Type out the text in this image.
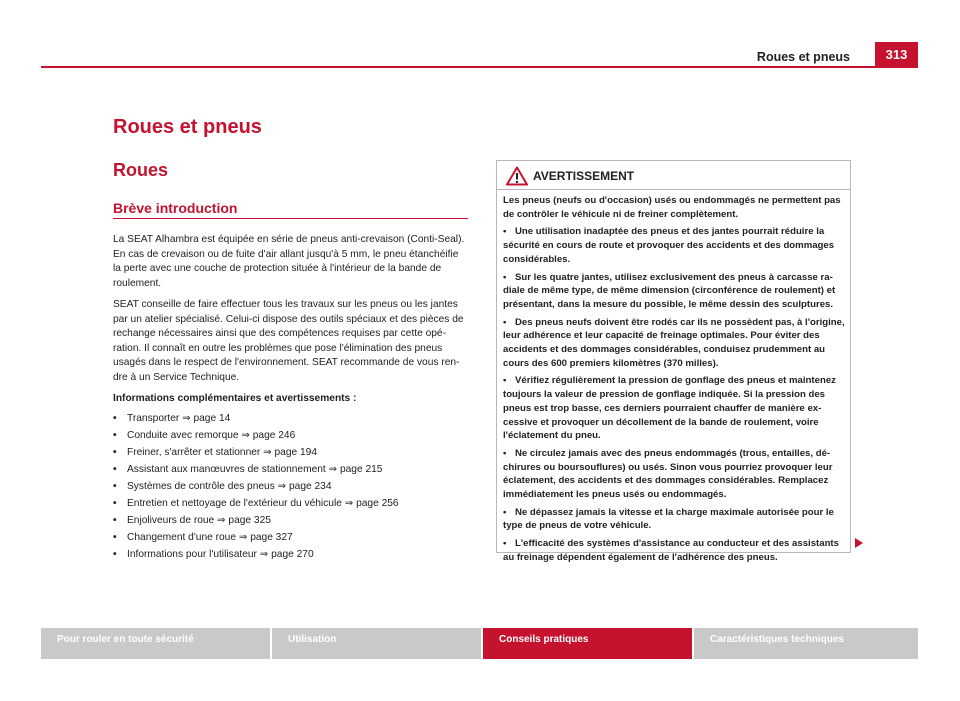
Roues et pneus	313
Roues et pneus
Roues
Brève introduction

La SEAT Alhambra est équipée en série de pneus anti-crevaison (Conti-Seal). En cas de crevaison ou de fuite d'air allant jusqu'à 5 mm, le pneu étanchéifie la perte avec une couche de protection située à l'intérieur de la bande de roulement.

SEAT conseille de faire effectuer tous les travaux sur les pneus ou les jantes par un atelier spécialisé. Celui-ci dispose des outils spéciaux et des pièces de rechange nécessaires ainsi que des compétences requises par cette opération. Il connaît en outre les problèmes que pose l'élimination des pneus usagés dans le respect de l'environnement. SEAT recommande de vous rendre à un Service Technique.

Informations complémentaires et avertissements :

•	Transporter ⇒ page 14
•	Conduite avec remorque ⇒ page 246
•	Freiner, s'arrêter et stationner ⇒ page 194
•	Assistant aux manœuvres de stationnement ⇒ page 215
•	Systèmes de contrôle des pneus ⇒ page 234
•	Entretien et nettoyage de l'extérieur du véhicule ⇒ page 256
•	Enjoliveurs de roue ⇒ page 325
•	Changement d'une roue ⇒ page 327
•	Informations pour l'utilisateur ⇒ page 270
AVERTISSEMENT

Les pneus (neufs ou d'occasion) usés ou endommagés ne permettent pas de contrôler le véhicule ni de freiner complètement.

• Une utilisation inadaptée des pneus et des jantes pourrait réduire la sécurité en cours de route et provoquer des accidents et des dommages considérables.

• Sur les quatre jantes, utilisez exclusivement des pneus à carcasse radiale de même type, de même dimension (circonférence de roulement) et présentant, dans la mesure du possible, le même dessin des sculptures.

• Des pneus neufs doivent être rodés car ils ne possèdent pas, à l'origine, leur adhérence et leur capacité de freinage optimales. Pour éviter des accidents et des dommages considérables, conduisez prudemment au cours des 600 premiers kilomètres (370 milles).

• Vérifiez régulièrement la pression de gonflage des pneus et maintenez toujours la valeur de pression de gonflage indiquée. Si la pression des pneus est trop basse, ces derniers pourraient chauffer de manière excessive et provoquer un décollement de la bande de roulement, voire l'éclatement du pneu.

• Ne circulez jamais avec des pneus endommagés (trous, entailles, déchirures ou boursouflures) ou usés. Sinon vous pourriez provoquer leur éclatement, des accidents et des dommages considérables. Remplacez immédiatement les pneus usés ou endommagés.

• Ne dépassez jamais la vitesse et la charge maximale autorisée pour le type de pneus de votre véhicule.

• L'efficacité des systèmes d'assistance au conducteur et des assistants au freinage dépendent également de l'adhérence des pneus.

Pour rouler en toute sécurité	Utilisation	Conseils pratiques	Caractéristiques techniques
